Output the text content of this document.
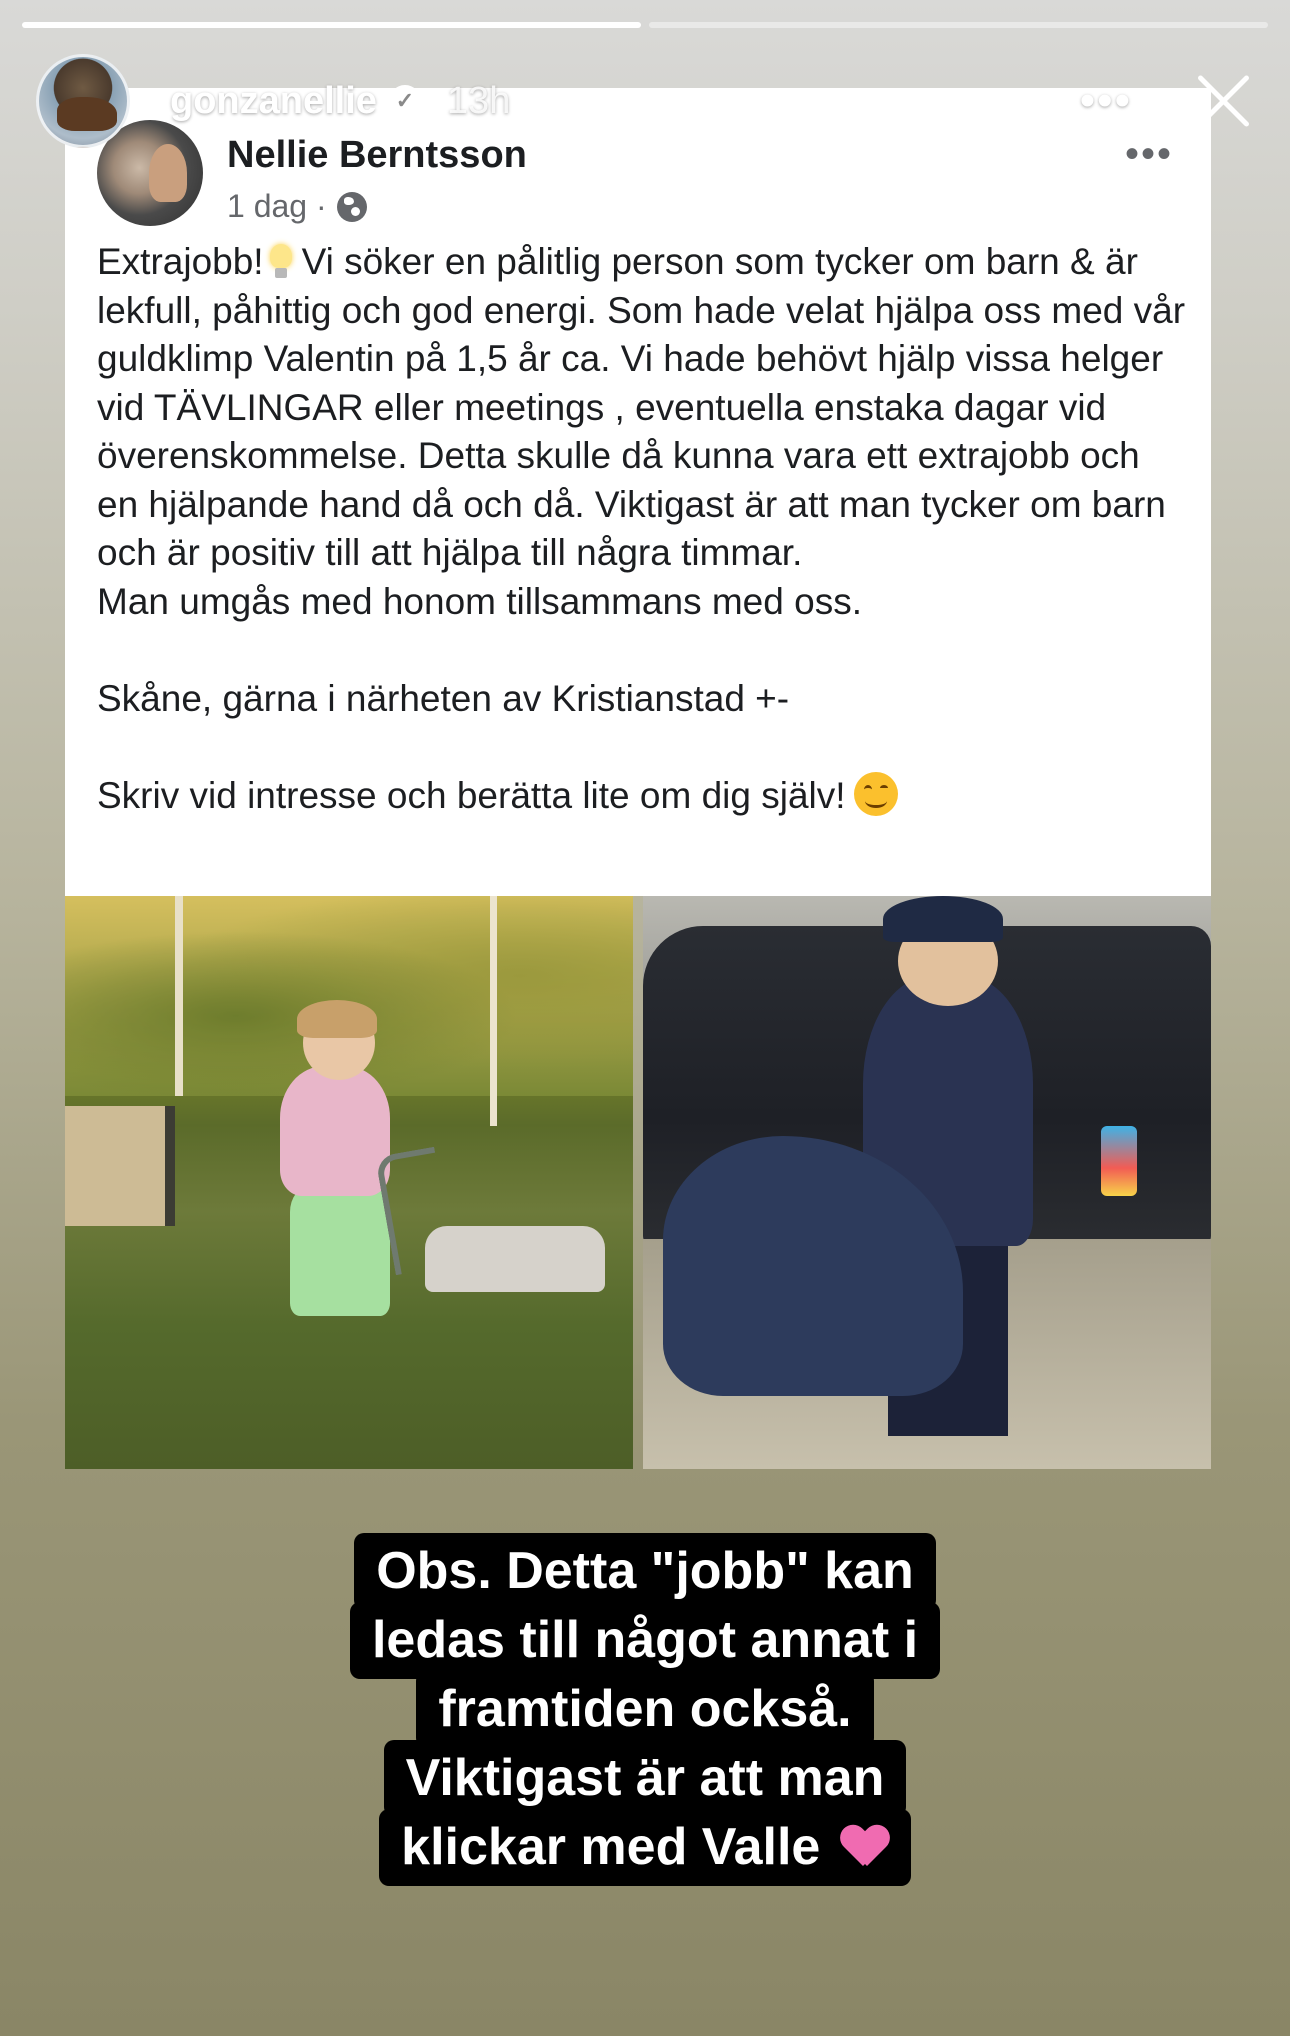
gonzanellie ✓ 13h	•••
Nellie Berntsson
1 dag ·
•••

Extrajobb! Vi söker en pålitlig person som tycker om barn & är lekfull, påhittig och god energi. Som hade velat hjälpa oss med vår guldklimp Valentin på 1,5 år ca. Vi hade behövt hjälp vissa helger vid TÄVLINGAR eller meetings , eventuella enstaka dagar vid överenskommelse. Detta skulle då kunna vara ett extrajobb och en hjälpande hand då och då. Viktigast är att man tycker om barn och är positiv till att hjälpa till några timmar.

Man umgås med honom tillsammans med oss.

Skåne, gärna i närheten av Kristianstad +-

Skriv vid intresse och berätta lite om dig själv!

Obs. Detta "jobb" kan
ledas till något annat i
framtiden också.
Viktigast är att man
klickar med Valle
